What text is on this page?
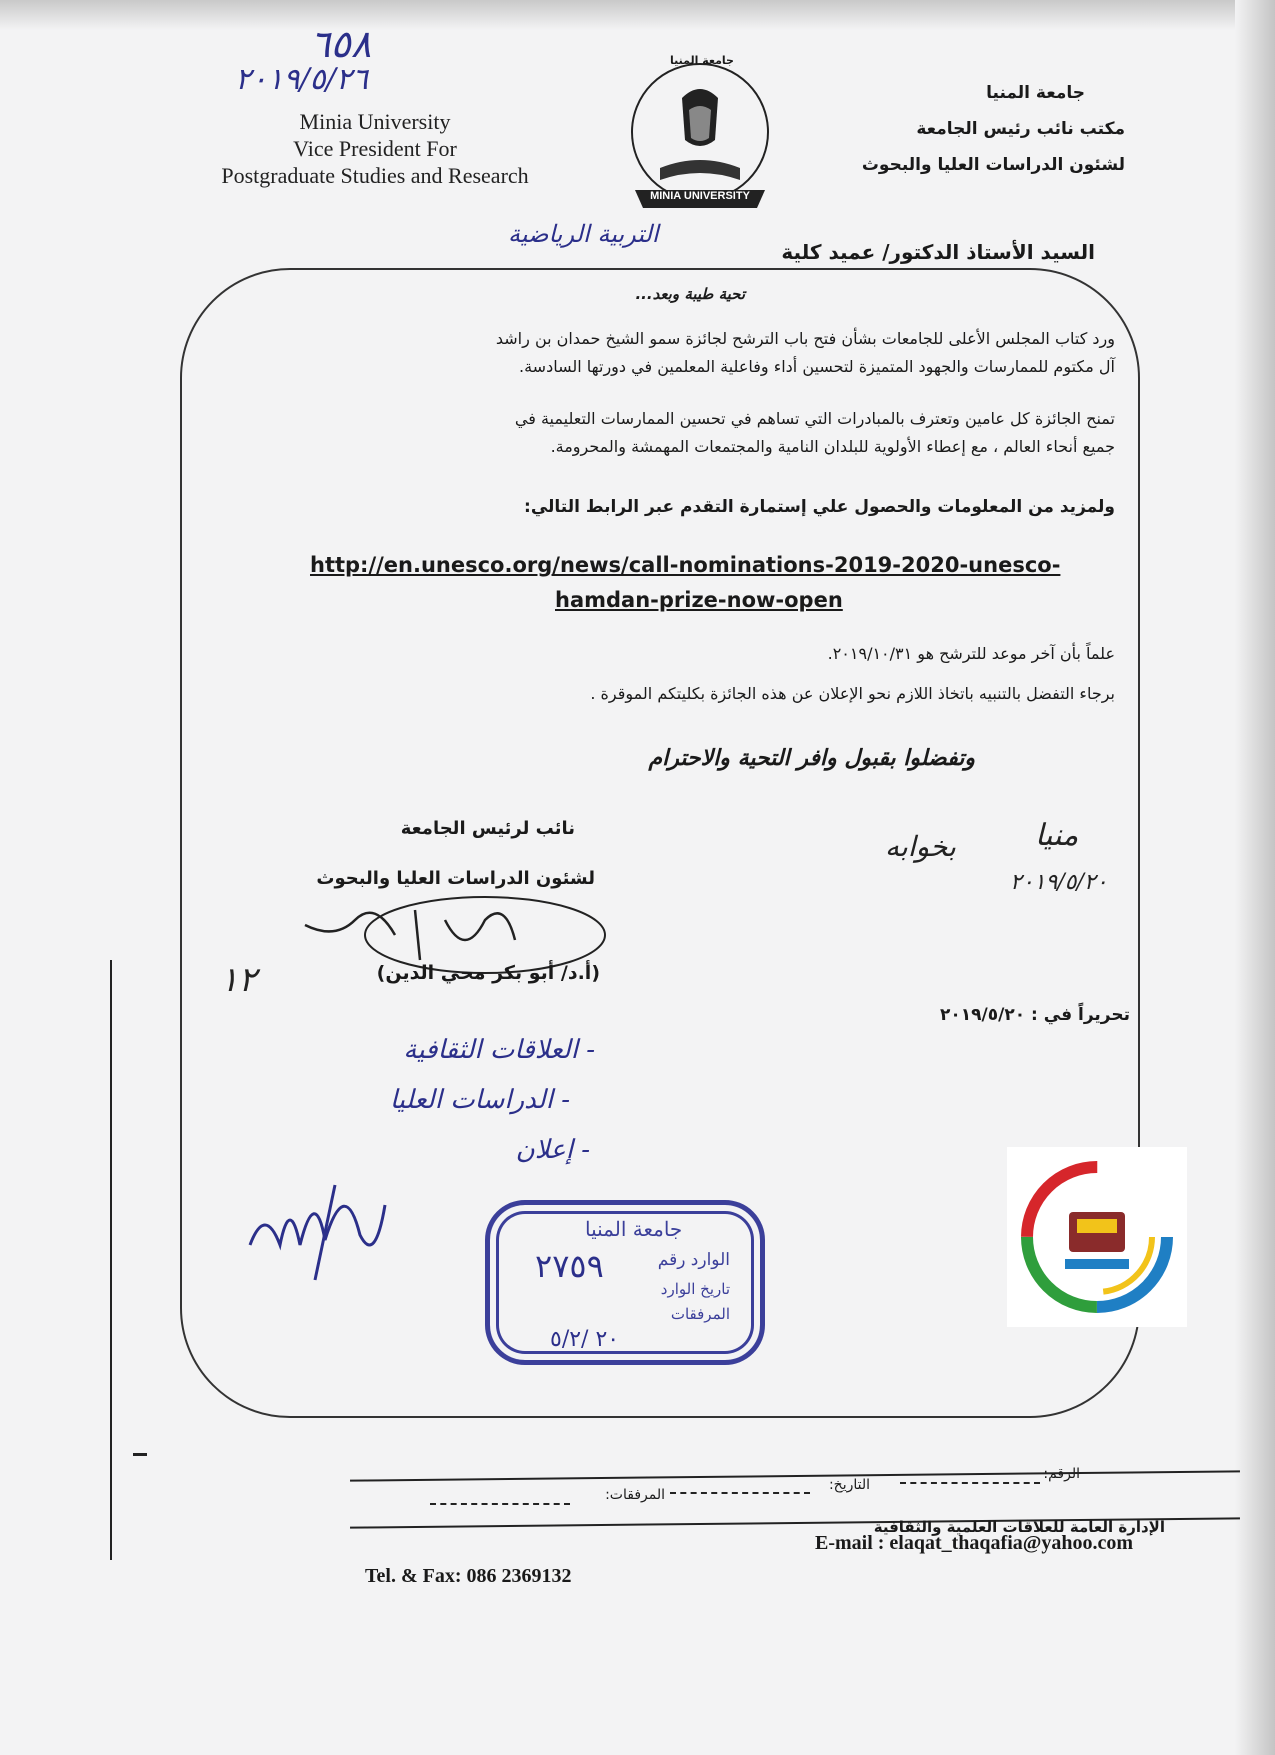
٦٥٨
٢٠١٩/٥/٢٦
Minia University
Vice President For
Postgraduate Studies and Research
جامعة المنيا
MINIA UNIVERSITY
جامعة المنيا
مكتب نائب رئيس الجامعة
لشئون الدراسات العليا والبحوث
السيد الأستاذ الدكتور/ عميد كلية
التربية الرياضية
تحية طيبة وبعد...
ورد كتاب المجلس الأعلى للجامعات بشأن فتح باب الترشح لجائزة سمو الشيخ حمدان بن راشد
آل مكتوم للممارسات والجهود المتميزة لتحسين أداء وفاعلية المعلمين في دورتها السادسة.
تمنح الجائزة كل عامين وتعترف بالمبادرات التي تساهم في تحسين الممارسات التعليمية في
جميع أنحاء العالم ، مع إعطاء الأولوية للبلدان النامية والمجتمعات المهمشة والمحرومة.
ولمزيد من المعلومات والحصول علي إستمارة التقدم عبر الرابط التالي:
http://en.unesco.org/news/call-nominations-2019-2020-unesco-
hamdan-prize-now-open
علماً بأن آخر موعد للترشح هو ٢٠١٩/١٠/٣١.
برجاء التفضل بالتنبيه باتخاذ اللازم نحو الإعلان عن هذه الجائزة بكليتكم الموقرة .
وتفضلوا بقبول وافر التحية والاحترام
نائب لرئيس الجامعة
لشئون الدراسات العليا والبحوث
(أ.د/ أبو بكر محي الدين)
تحريراً في : ٢٠١٩/٥/٢٠
منيا
بخوابه
٢٠١٩/٥/٢٠
١٢
- العلاقات الثقافية
- الدراسات العليا
- إعلان
جامعة المنيا
الوارد رقم
٢٧٥٩
تاريخ الوارد
المرفقات
٢٠ /٥/٢
الرقم:
التاريخ:
المرفقات:
الإدارة العامة للعلاقات العلمية والثقافية
E-mail : elaqat_thaqafia@yahoo.com
Tel. & Fax: 086 2369132
